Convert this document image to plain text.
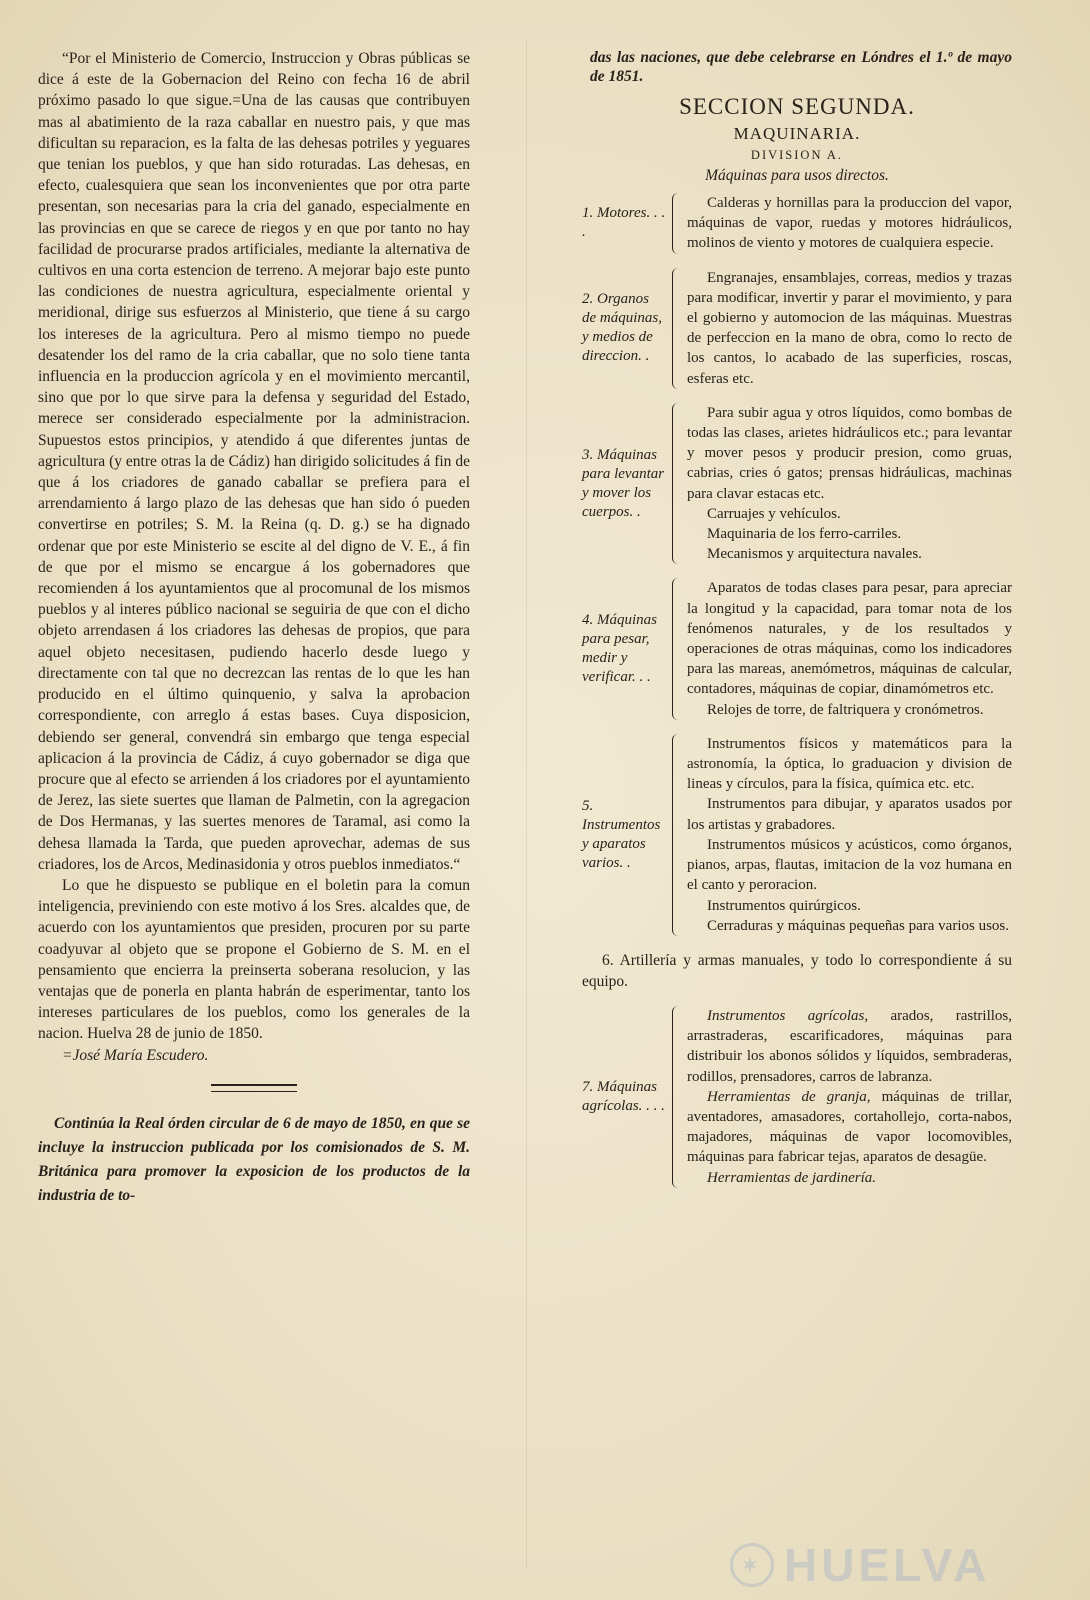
“Por el Ministerio de Comercio, Instruccion y Obras públicas se dice á este de la Gobernacion del Reino con fecha 16 de abril próximo pasado lo que sigue.=Una de las causas que contribuyen mas al abatimiento de la raza caballar en nuestro pais, y que mas dificultan su reparacion, es la falta de las dehesas potriles y yeguares que tenian los pueblos, y que han sido roturadas. Las dehesas, en efecto, cualesquiera que sean los inconvenientes que por otra parte presentan, son necesarias para la cria del ganado, especialmente en las provincias en que se carece de riegos y en que por tanto no hay facilidad de procurarse prados artificiales, mediante la alternativa de cultivos en una corta estencion de terreno. A mejorar bajo este punto las condiciones de nuestra agricultura, especialmente oriental y meridional, dirige sus esfuerzos al Ministerio, que tiene á su cargo los intereses de la agricultura. Pero al mismo tiempo no puede desatender los del ramo de la cria caballar, que no solo tiene tanta influencia en la produccion agrícola y en el movimiento mercantil, sino que por lo que sirve para la defensa y seguridad del Estado, merece ser considerado especialmente por la administracion. Supuestos estos principios, y atendido á que diferentes juntas de agricultura (y entre otras la de Cádiz) han dirigido solicitudes á fin de que á los criadores de ganado caballar se prefiera para el arrendamiento á largo plazo de las dehesas que han sido ó pueden convertirse en potriles; S. M. la Reina (q. D. g.) se ha dignado ordenar que por este Ministerio se escite al del digno de V. E., á fin de que por el mismo se encargue á los gobernadores que recomienden á los ayuntamientos que al procomunal de los mismos pueblos y al interes público nacional se seguiria de que con el dicho objeto arrendasen á los criadores las dehesas de propios, que para aquel objeto necesitasen, pudiendo hacerlo desde luego y directamente con tal que no decrezcan las rentas de lo que les han producido en el último quinquenio, y salva la aprobacion correspondiente, con arreglo á estas bases. Cuya disposicion, debiendo ser general, convendrá sin embargo que tenga especial aplicacion á la provincia de Cádiz, á cuyo gobernador se diga que procure que al efecto se arrienden á los criadores por el ayuntamiento de Jerez, las siete suertes que llaman de Palmetin, con la agregacion de Dos Hermanas, y las suertes menores de Taramal, asi como la dehesa llamada la Tarda, que pueden aprovechar, ademas de sus criadores, los de Arcos, Medinasidonia y otros pueblos inmediatos.“

Lo que he dispuesto se publique en el boletin para la comun inteligencia, previniendo con este motivo á los Sres. alcaldes que, de acuerdo con los ayuntamientos que presiden, procuren por su parte coadyuvar al objeto que se propone el Gobierno de S. M. en el pensamiento que encierra la preinserta soberana resolucion, y las ventajas que de ponerla en planta habrán de esperimentar, tanto los intereses particulares de los pueblos, como los generales de la nacion. Huelva 28 de junio de 1850.

=José María Escudero.

Continúa la Real órden circular de 6 de mayo de 1850, en que se incluye la instruccion publicada por los comisionados de S. M. Británica para promover la exposicion de los productos de la industria de to-

das las naciones, que debe celebrarse en Lóndres el 1.º de mayo de 1851.

SECCION SEGUNDA.
MAQUINARIA.
DIVISION A.
Máquinas para usos directos.
1. Motores. . . .

Calderas y hornillas para la produccion del vapor, máquinas de vapor, ruedas y motores hidráulicos, molinos de viento y motores de cualquiera especie.

2. Organos de máquinas, y medios de direccion. .

Engranajes, ensamblajes, correas, medios y trazas para modificar, invertir y parar el movimiento, y para el gobierno y automocion de las máquinas. Muestras de perfeccion en la mano de obra, como lo recto de los cantos, lo acabado de las superficies, roscas, esferas etc.

3. Máquinas para levantar y mover los cuerpos. .

Para subir agua y otros líquidos, como bombas de todas las clases, arietes hidráulicos etc.; para levantar y mover pesos y producir presion, como gruas, cabrias, cries ó gatos; prensas hidráulicas, machinas para clavar estacas etc.

Carruajes y vehículos.

Maquinaria de los ferro-carriles.

Mecanismos y arquitectura navales.

4. Máquinas para pesar, medir y verificar. . .

Aparatos de todas clases para pesar, para apreciar la longitud y la capacidad, para tomar nota de los fenómenos naturales, y de los resultados y operaciones de otras máquinas, como los indicadores para las mareas, anemómetros, máquinas de calcular, contadores, máquinas de copiar, dinamómetros etc.

Relojes de torre, de faltriquera y cronómetros.

5. Instrumentos y aparatos varios. .

Instrumentos físicos y matemáticos para la astronomía, la óptica, lo graduacion y division de lineas y círculos, para la física, química etc. etc.

Instrumentos para dibujar, y aparatos usados por los artistas y grabadores.

Instrumentos músicos y acústicos, como órganos, pianos, arpas, flautas, imitacion de la voz humana en el canto y peroracion.

Instrumentos quirúrgicos.

Cerraduras y máquinas pequeñas para varios usos.

6. Artillería y armas manuales, y todo lo correspondiente á su equipo.

7. Máquinas agrícolas. . . .

Instrumentos agrícolas, arados, rastrillos, arrastraderas, escarificadores, máquinas para distribuir los abonos sólidos y líquidos, sembraderas, rodillos, prensadores, carros de labranza.

Herramientas de granja, máquinas de trillar, aventadores, amasadores, cortahollejo, corta-nabos, majadores, máquinas de vapor locomovibles, máquinas para fabricar tejas, aparatos de desagüe.

Herramientas de jardinería.

✶ HUELVA
